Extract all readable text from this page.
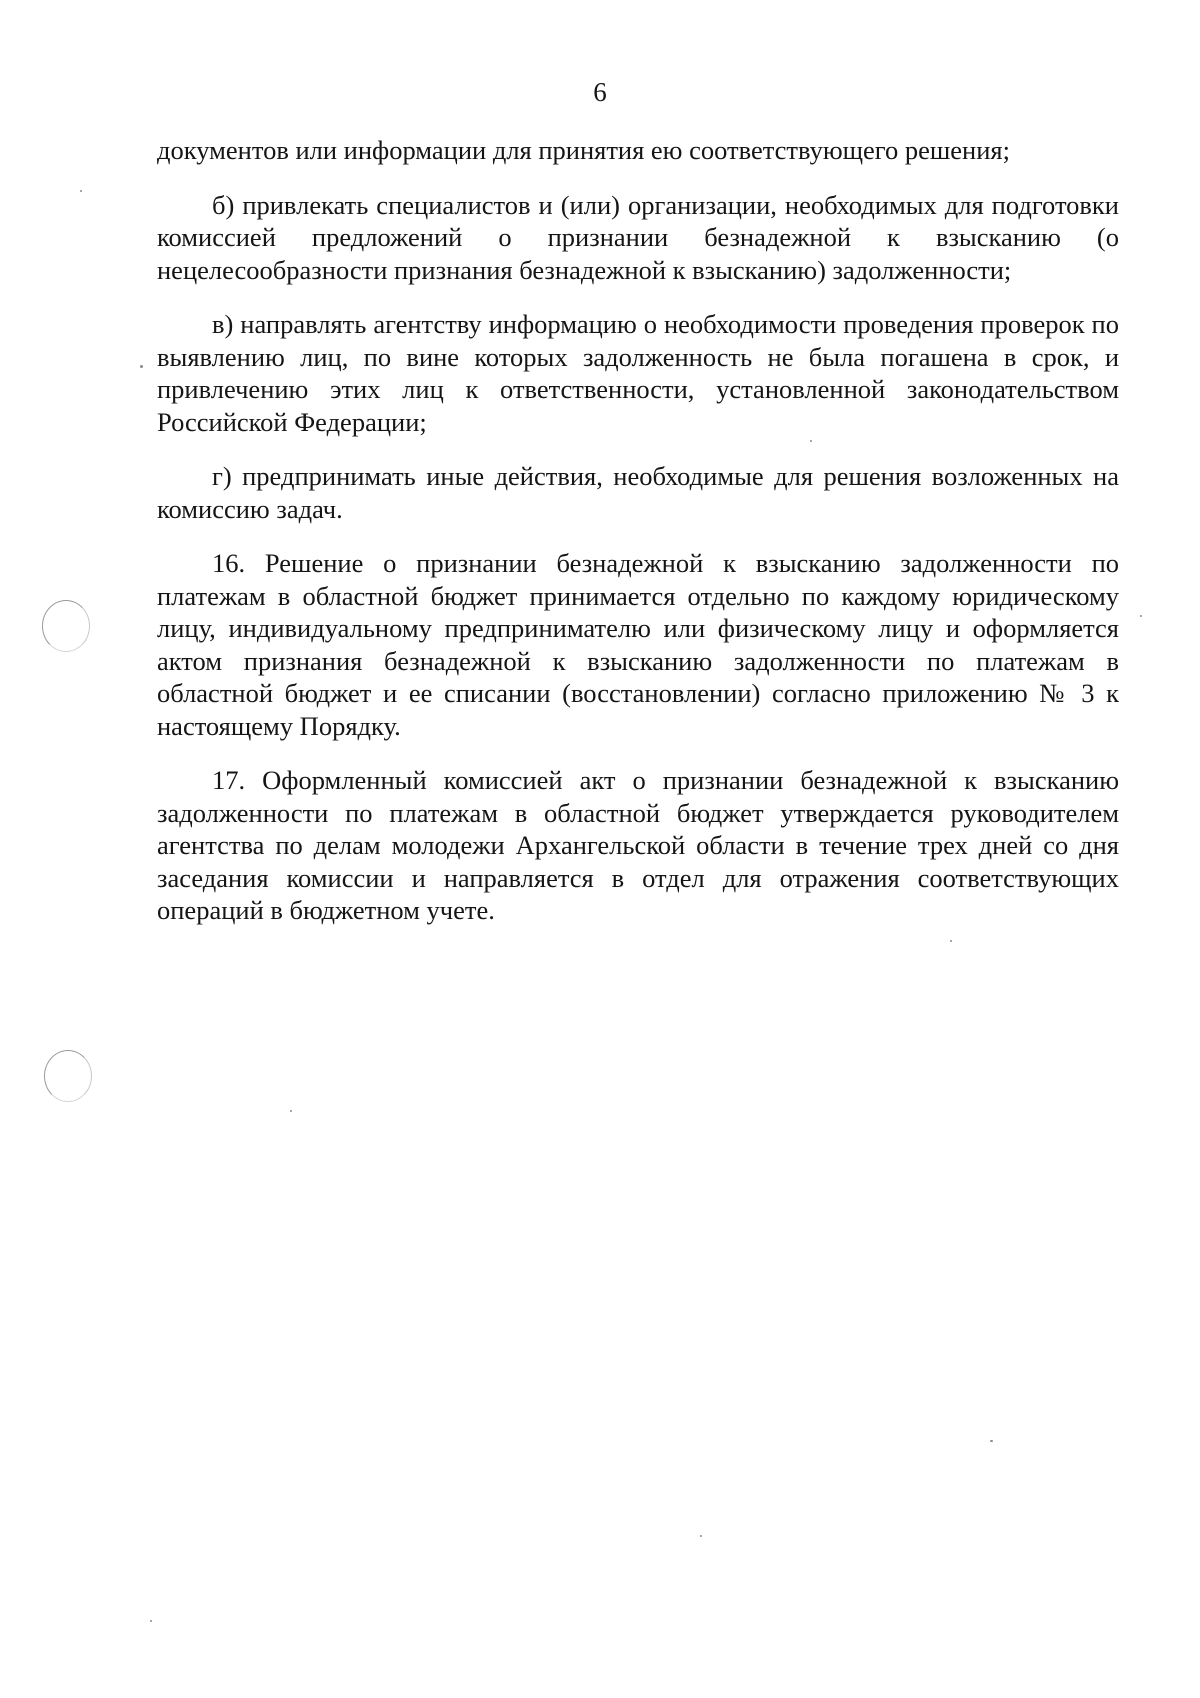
6

документов или информации для принятия ею соответствующего решения;

б) привлекать специалистов и (или) организации, необходимых для подготовки комиссией предложений о признании безнадежной к взысканию (о нецелесообразности признания безнадежной к взысканию) задолженности;

в) направлять агентству информацию о необходимости проведения проверок по выявлению лиц, по вине которых задолженность не была погашена в срок, и привлечению этих лиц к ответственности, установленной законодательством Российской Федерации;

г) предпринимать иные действия, необходимые для решения возложенных на комиссию задач.

16. Решение о признании безнадежной к взысканию задолженности по платежам в областной бюджет принимается отдельно по каждому юридическому лицу, индивидуальному предпринимателю или физическому лицу и оформляется актом признания безнадежной к взысканию задолженности по платежам в областной бюджет и ее списании (восстановлении) согласно приложению № 3 к настоящему Порядку.

17. Оформленный комиссией акт о признании безнадежной к взысканию задолженности по платежам в областной бюджет утверждается руководителем агентства по делам молодежи Архангельской области в течение трех дней со дня заседания комиссии и направляется в отдел для отражения соответствующих операций в бюджетном учете.
